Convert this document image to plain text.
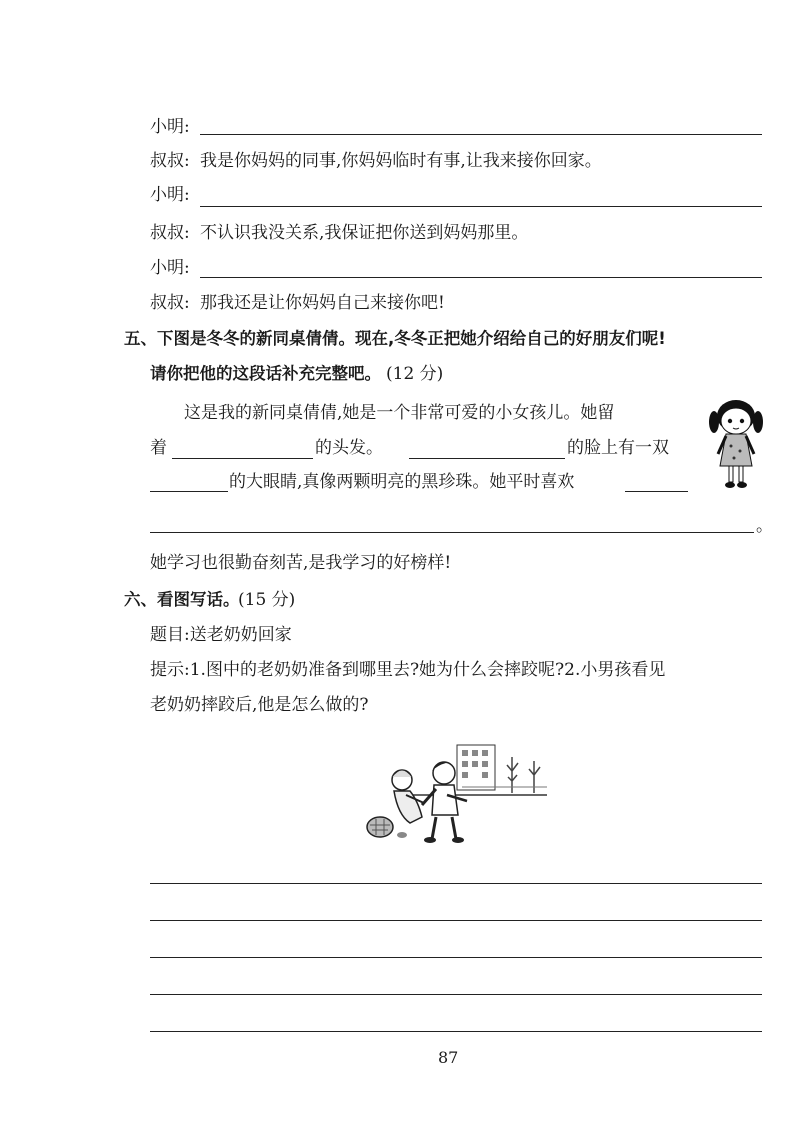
小明:
叔叔: 我是你妈妈的同事,你妈妈临时有事,让我来接你回家。
小明:
叔叔: 不认识我没关系,我保证把你送到妈妈那里。
小明:
叔叔: 那我还是让你妈妈自己来接你吧!
五、下图是冬冬的新同桌倩倩。现在,冬冬正把她介绍给自己的好朋友们呢!
请你把他的这段话补充完整吧。 (12 分)
这是我的新同桌倩倩,她是一个非常可爱的小女孩儿。她留
着	的头发。	的脸上有一双
的大眼睛,真像两颗明亮的黑珍珠。她平时喜欢
。
她学习也很勤奋刻苦,是我学习的好榜样!
六、看图写话。
(15 分)
题目:送老奶奶回家
提示:1.图中的老奶奶准备到哪里去?她为什么会摔跤呢?2.小男孩看见
老奶奶摔跤后,他是怎么做的?
87
